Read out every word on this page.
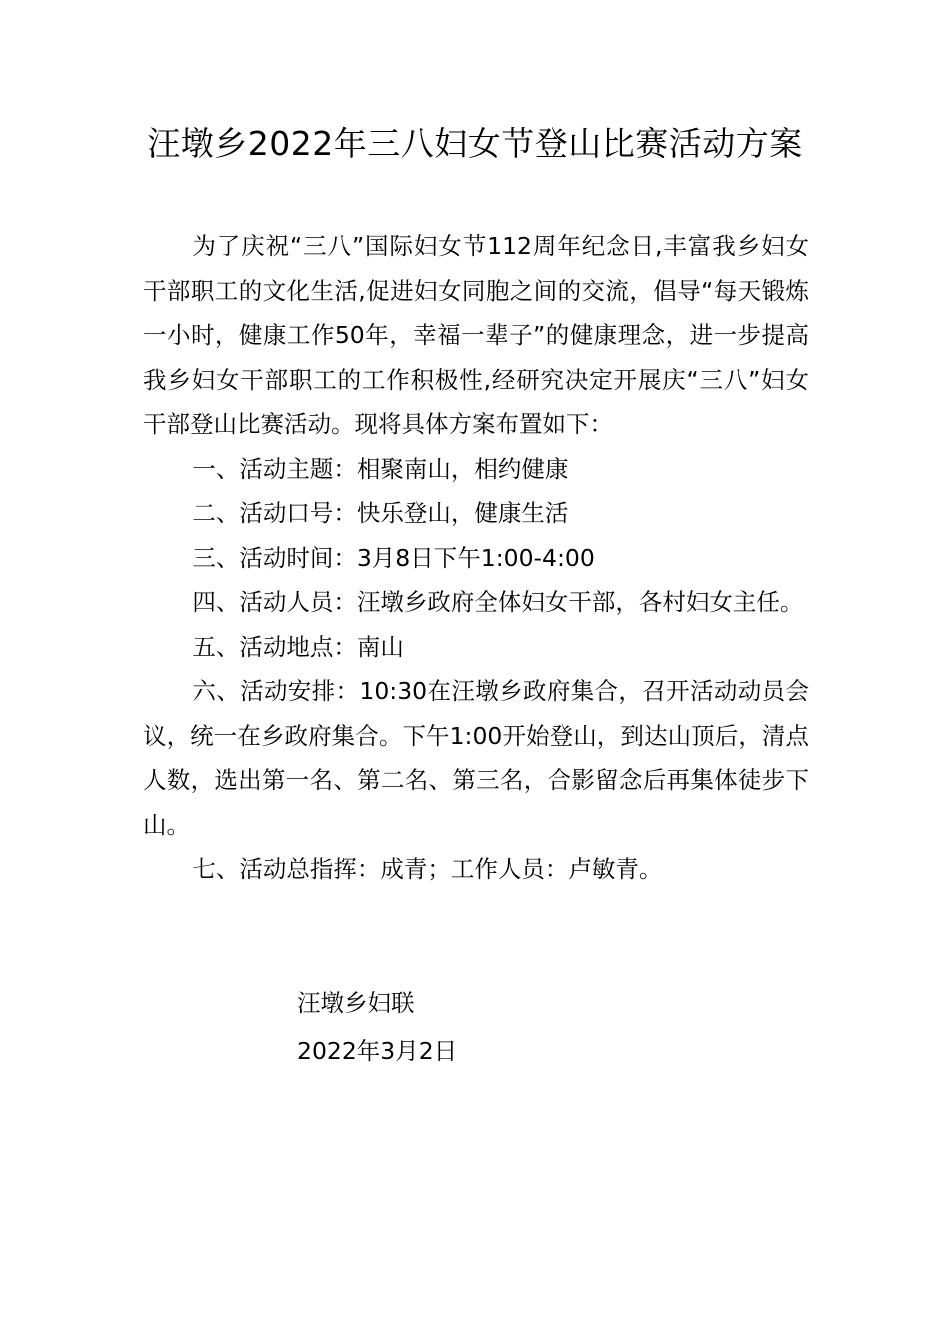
汪墩乡2022年三八妇女节登山比赛活动方案

为了庆祝“三八”国际妇女节112周年纪念日,丰富我乡妇女干部职工的文化生活,促进妇女同胞之间的交流，倡导“每天锻炼一小时，健康工作50年，幸福一辈子”的健康理念，进一步提高我乡妇女干部职工的工作积极性,经研究决定开展庆“三八”妇女干部登山比赛活动。现将具体方案布置如下：

一、活动主题：相聚南山，相约健康

二、活动口号：快乐登山，健康生活

三、活动时间：3月8日下午1:00-4:00

四、活动人员：汪墩乡政府全体妇女干部，各村妇女主任。

五、活动地点：南山

六、活动安排：10:30在汪墩乡政府集合，召开活动动员会议，统一在乡政府集合。下午1:00开始登山，到达山顶后，清点人数，选出第一名、第二名、第三名，合影留念后再集体徒步下山。

七、活动总指挥：成青；工作人员：卢敏青。

汪墩乡妇联
2022年3月2日
